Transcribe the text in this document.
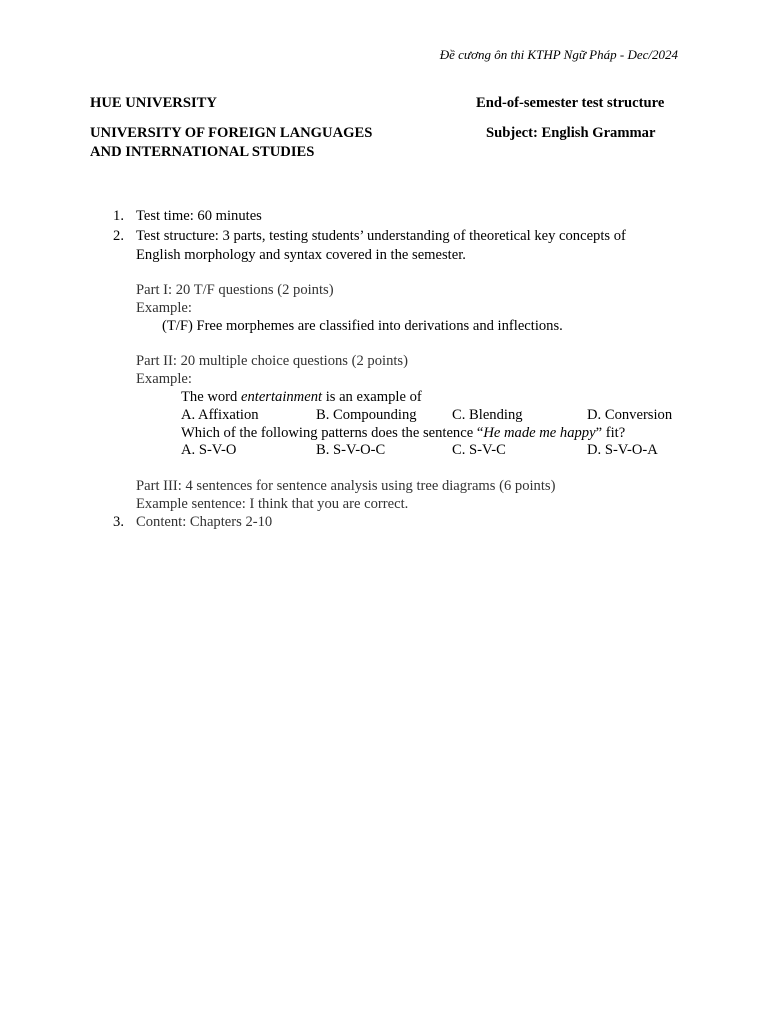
Đề cương ôn thi KTHP Ngữ Pháp - Dec/2024
HUE UNIVERSITY
UNIVERSITY OF FOREIGN LANGUAGES
AND INTERNATIONAL STUDIES
End-of-semester test structure
Subject: English Grammar
1. Test time: 60 minutes
2. Test structure: 3 parts, testing students’ understanding of theoretical key concepts of
English morphology and syntax covered in the semester.
Part I: 20 T/F questions (2 points)
Example:
(T/F) Free morphemes are classified into derivations and inflections.
Part II: 20 multiple choice questions (2 points)
Example:
The word entertainment is an example of
A. Affixation	B. Compounding C. Blending	D. Conversion
Which of the following patterns does the sentence “He made me happy” fit?
A. S-V-O	B. S-V-O-C	C. S-V-C	D. S-V-O-A
Part III: 4 sentences for sentence analysis using tree diagrams (6 points)
Example sentence: I think that you are correct.
3. Content: Chapters 2-10
